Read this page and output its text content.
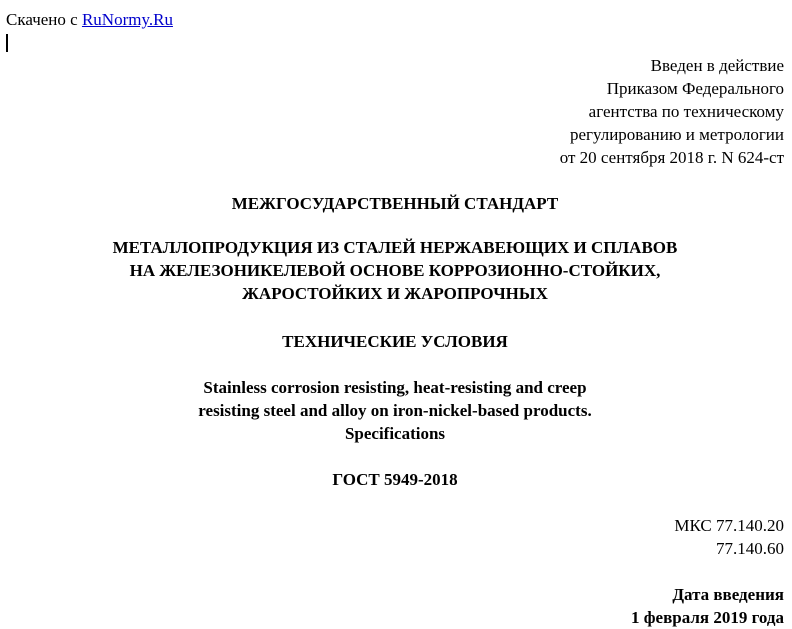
Скачено с RuNormy.Ru
Введен в действие
Приказом Федерального
агентства по техническому
регулированию и метрологии
от 20 сентября 2018 г. N 624-ст
МЕЖГОСУДАРСТВЕННЫЙ СТАНДАРТ
МЕТАЛЛОПРОДУКЦИЯ ИЗ СТАЛЕЙ НЕРЖАВЕЮЩИХ И СПЛАВОВ
НА ЖЕЛЕЗОНИКЕЛЕВОЙ ОСНОВЕ КОРРОЗИОННО-СТОЙКИХ,
ЖАРОСТОЙКИХ И ЖАРОПРОЧНЫХ
ТЕХНИЧЕСКИЕ УСЛОВИЯ
Stainless corrosion resisting, heat-resisting and creep
resisting steel and alloy on iron-nickel-based products.
Specifications
ГОСТ 5949-2018
МКС 77.140.20
77.140.60
Дата введения
1 февраля 2019 года
